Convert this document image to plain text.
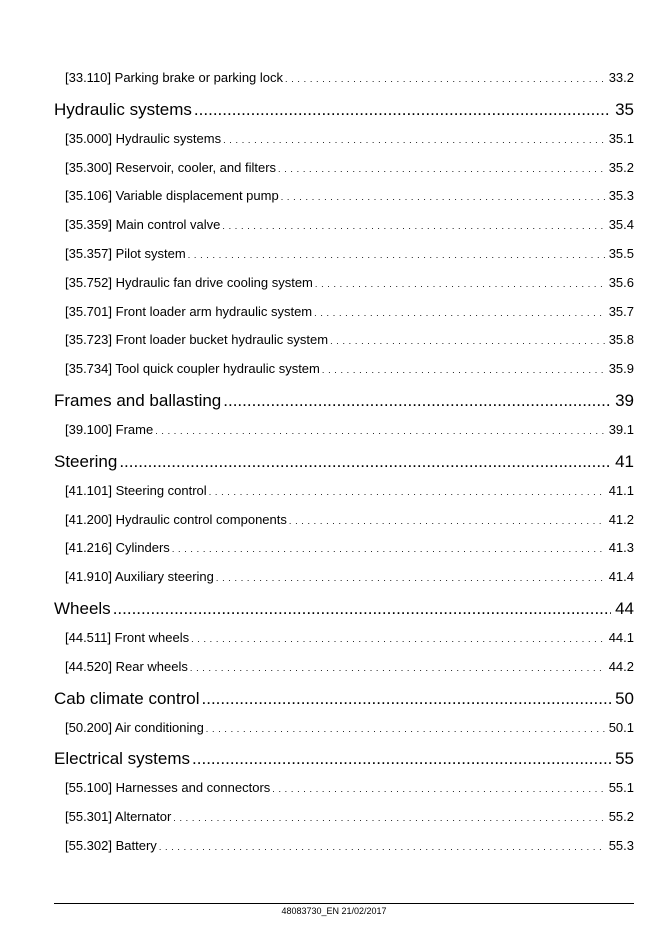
[33.110] Parking brake or parking lock . . .	33.2
Hydraulic systems .....	35
[35.000] Hydraulic systems . . .	35.1
[35.300] Reservoir, cooler, and filters . . .	35.2
[35.106] Variable displacement pump . . .	35.3
[35.359] Main control valve . . .	35.4
[35.357] Pilot system . . .	35.5
[35.752] Hydraulic fan drive cooling system . . .	35.6
[35.701] Front loader arm hydraulic system . . .	35.7
[35.723] Front loader bucket hydraulic system . . .	35.8
[35.734] Tool quick coupler hydraulic system . . .	35.9
Frames and ballasting .....	39
[39.100] Frame . . .	39.1
Steering .....	41
[41.101] Steering control . . .	41.1
[41.200] Hydraulic control components . . .	41.2
[41.216] Cylinders . . .	41.3
[41.910] Auxiliary steering . . .	41.4
Wheels .....	44
[44.511] Front wheels . . .	44.1
[44.520] Rear wheels . . .	44.2
Cab climate control .....	50
[50.200] Air conditioning . . .	50.1
Electrical systems .....	55
[55.100] Harnesses and connectors . . .	55.1
[55.301] Alternator . . .	55.2
[55.302] Battery . . .	55.3
48083730_EN 21/02/2017
